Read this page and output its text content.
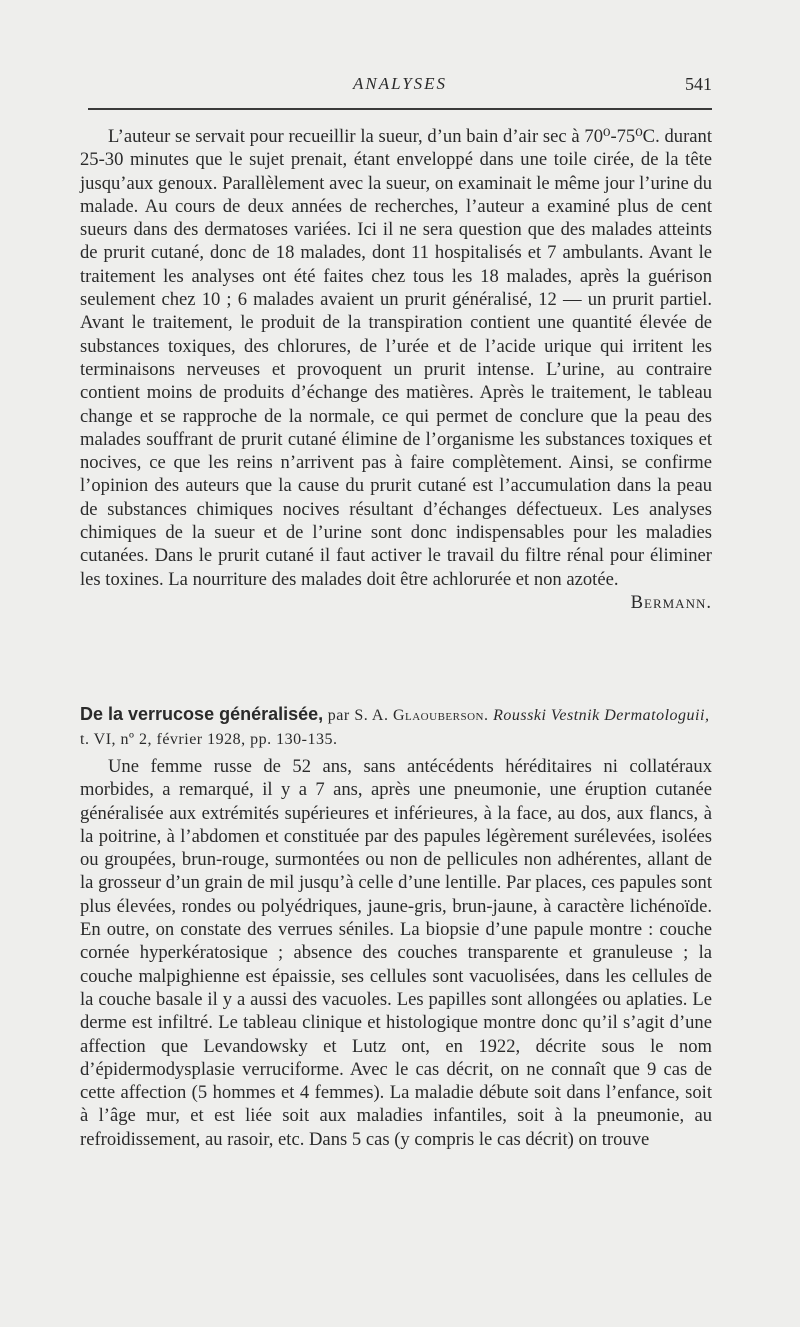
ANALYSES	541

L’auteur se servait pour recueillir la sueur, d’un bain d’air sec à 70⁰-75⁰C. durant 25-30 minutes que le sujet prenait, étant enveloppé dans une toile cirée, de la tête jusqu’aux genoux. Parallèlement avec la sueur, on examinait le même jour l’urine du malade. Au cours de deux années de recherches, l’auteur a examiné plus de cent sueurs dans des dermatoses variées. Ici il ne sera question que des malades atteints de prurit cutané, donc de 18 malades, dont 11 hospitalisés et 7 ambulants. Avant le traitement les analyses ont été faites chez tous les 18 malades, après la guérison seulement chez 10 ; 6 malades avaient un prurit généralisé, 12 — un prurit partiel. Avant le traitement, le produit de la transpiration contient une quantité élevée de substances toxiques, des chlorures, de l’urée et de l’acide urique qui irritent les terminaisons nerveuses et provoquent un prurit intense. L’urine, au contraire contient moins de produits d’échange des matières. Après le traitement, le tableau change et se rapproche de la normale, ce qui permet de conclure que la peau des malades souffrant de prurit cutané élimine de l’organisme les substances toxiques et nocives, ce que les reins n’arrivent pas à faire complètement. Ainsi, se confirme l’opinion des auteurs que la cause du prurit cutané est l’accumulation dans la peau de substances chimiques nocives résultant d’échanges défectueux. Les analyses chimiques de la sueur et de l’urine sont donc indispensables pour les maladies cutanées. Dans le prurit cutané il faut activer le travail du filtre rénal pour éliminer les toxines. La nourriture des malades doit être achlorurée et non azotée.

Bermann.

De la verrucose généralisée, par S. A. Glaouberson. Rousski Vestnik Dermatologuii, t. VI, nº 2, février 1928, pp. 130-135.

Une femme russe de 52 ans, sans antécédents héréditaires ni collatéraux morbides, a remarqué, il y a 7 ans, après une pneumonie, une éruption cutanée généralisée aux extrémités supérieures et inférieures, à la face, au dos, aux flancs, à la poitrine, à l’abdomen et constituée par des papules légèrement surélevées, isolées ou groupées, brun-rouge, surmontées ou non de pellicules non adhérentes, allant de la grosseur d’un grain de mil jusqu’à celle d’une lentille. Par places, ces papules sont plus élevées, rondes ou polyédriques, jaune-gris, brun-jaune, à caractère lichénoïde. En outre, on constate des verrues séniles. La biopsie d’une papule montre : couche cornée hyperkératosique ; absence des couches transparente et granuleuse ; la couche malpighienne est épaissie, ses cellules sont vacuolisées, dans les cellules de la couche basale il y a aussi des vacuoles. Les papilles sont allongées ou aplaties. Le derme est infiltré. Le tableau clinique et histologique montre donc qu’il s’agit d’une affection que Levandowsky et Lutz ont, en 1922, décrite sous le nom d’épidermodysplasie verruciforme. Avec le cas décrit, on ne connaît que 9 cas de cette affection (5 hommes et 4 femmes). La maladie débute soit dans l’enfance, soit à l’âge mur, et est liée soit aux maladies infantiles, soit à la pneumonie, au refroidissement, au rasoir, etc. Dans 5 cas (y compris le cas décrit) on trouve
